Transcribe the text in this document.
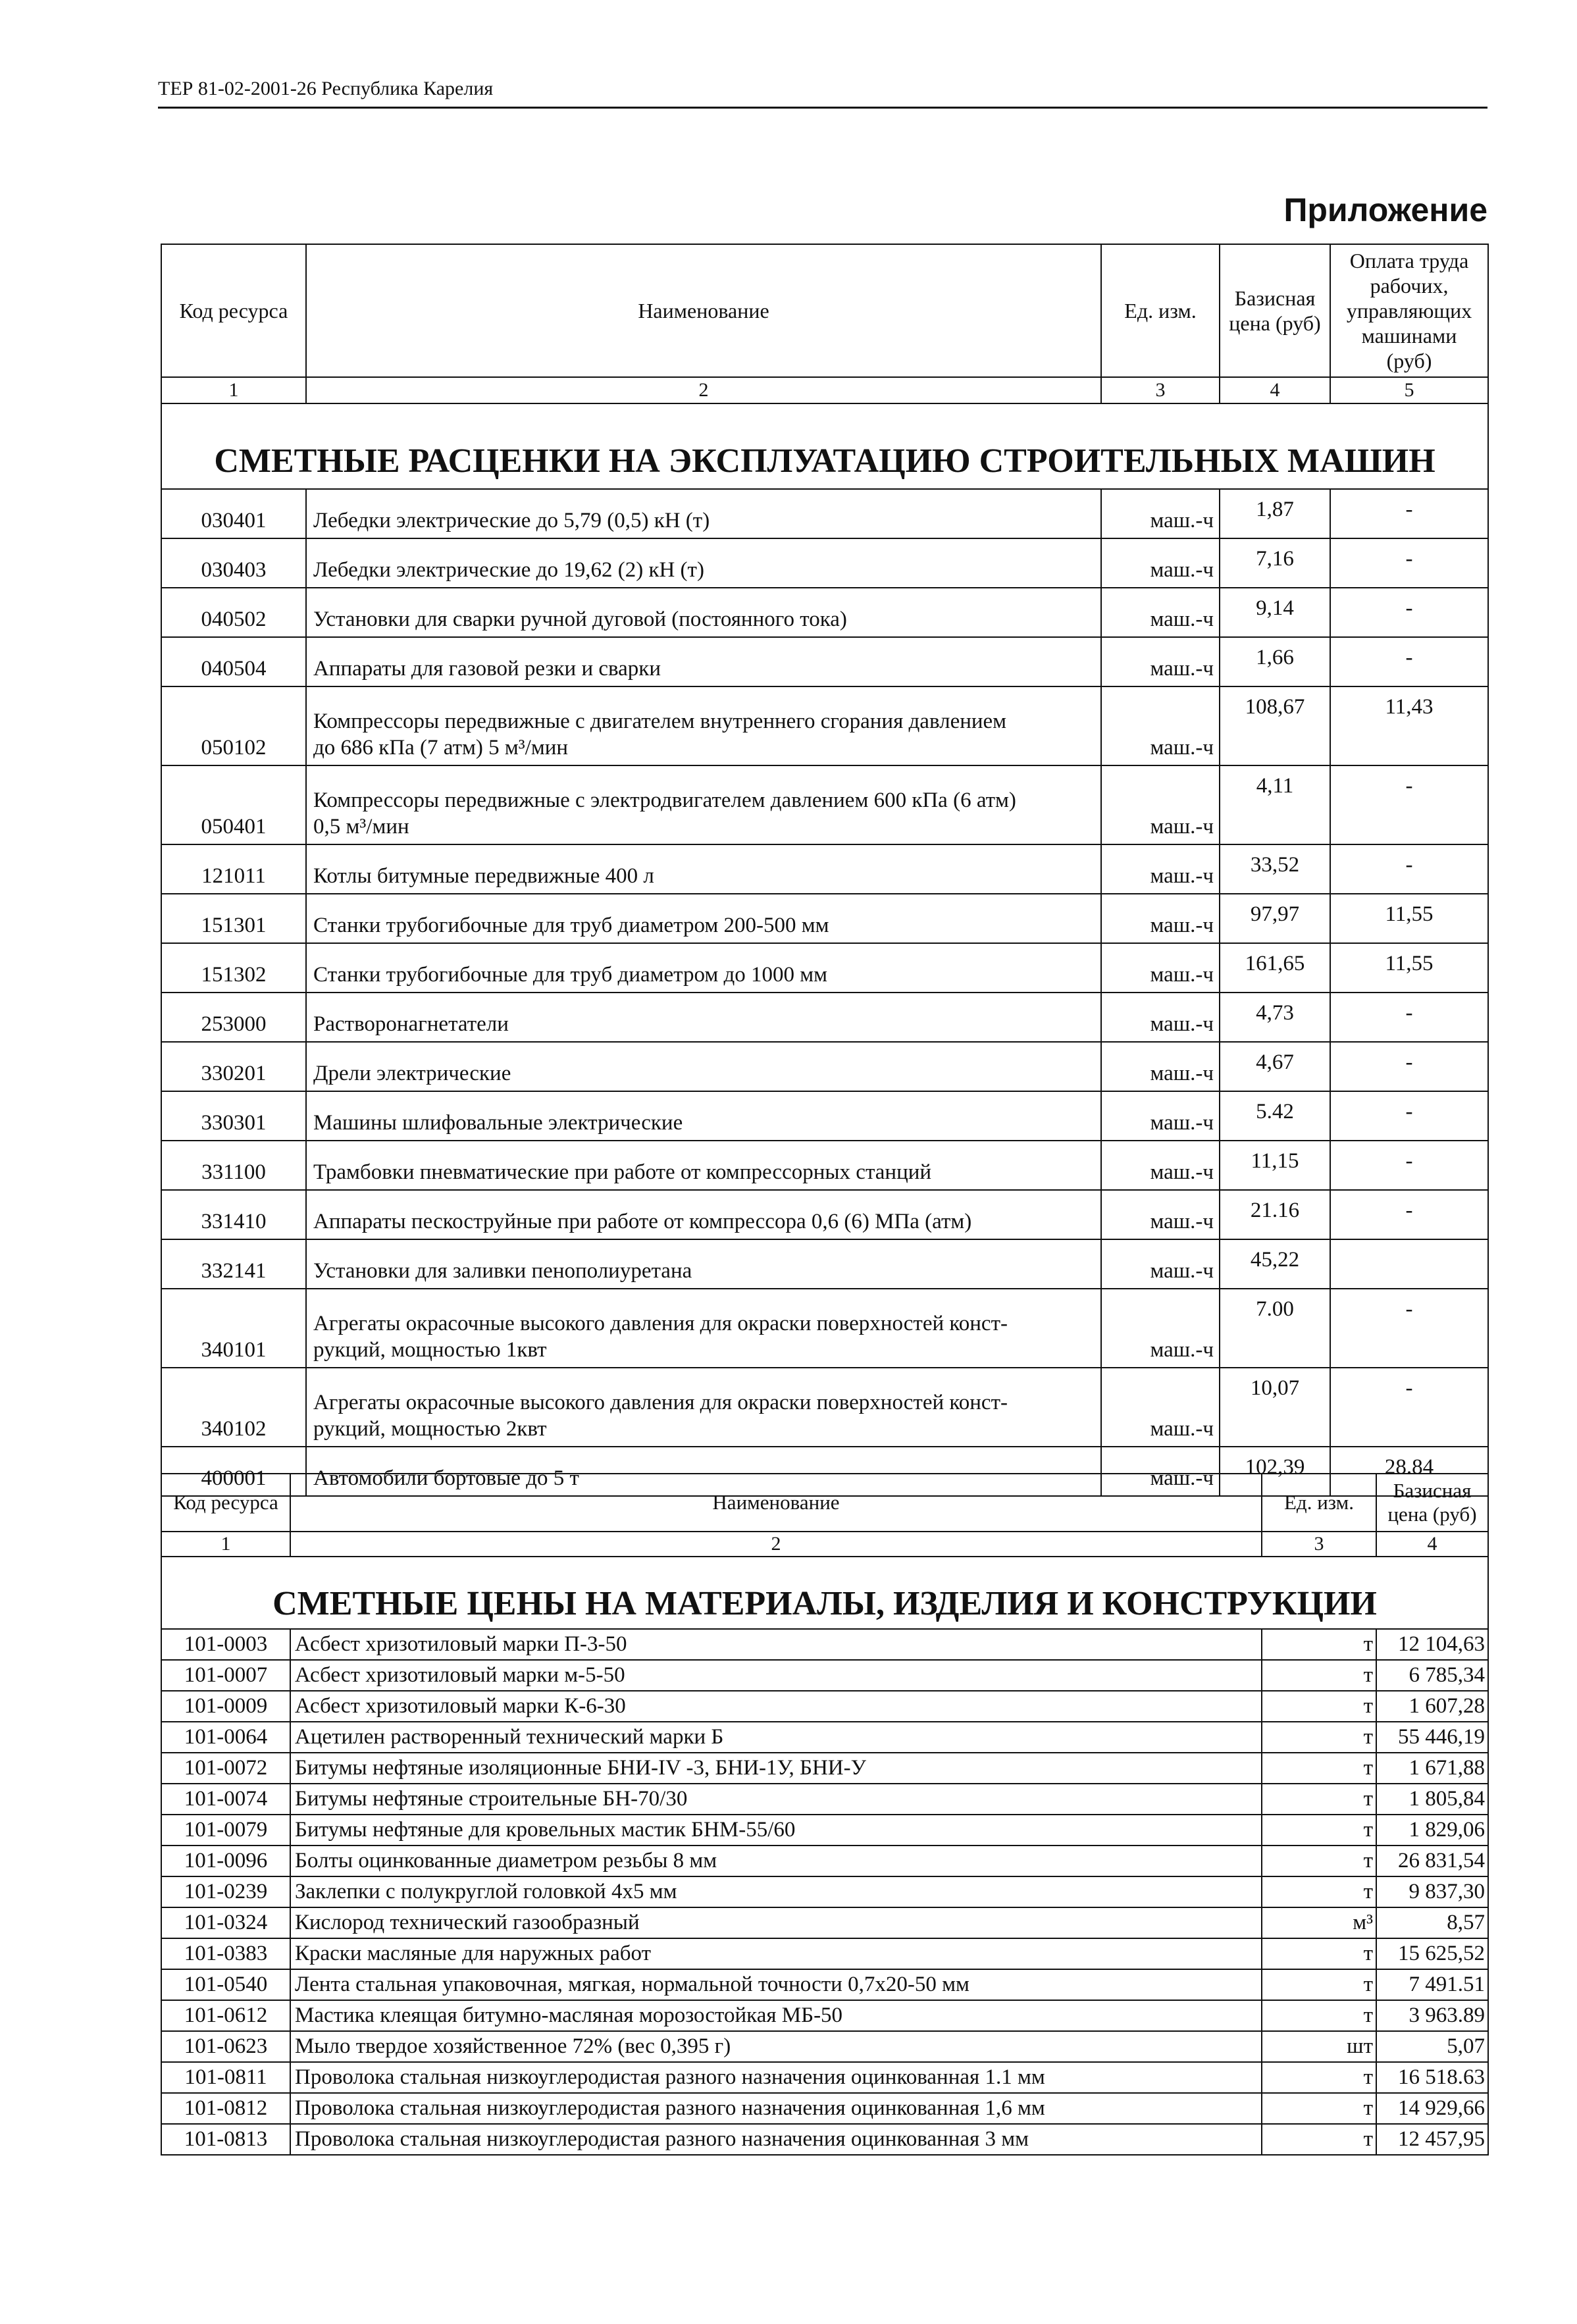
ТЕР 81-02-2001-26 Республика Карелия
Приложение
Код ресурса	Наименование	Ед. изм.	Базисная цена (руб)	Оплата труда рабочих, управляющих машинами (руб)
1	2	3	4	5
СМЕТНЫЕ РАСЦЕНКИ НА ЭКСПЛУАТАЦИЮ СТРОИТЕЛЬНЫХ МАШИН				
030401	Лебедки электрические до 5,79 (0,5) кН (т)	маш.-ч	1,87	-
030403	Лебедки электрические до 19,62 (2) кН (т)	маш.-ч	7,16	-
040502	Установки для сварки ручной дуговой (постоянного тока)	маш.-ч	9,14	-
040504	Аппараты для газовой резки и сварки	маш.-ч	1,66	-
050102	Компрессоры передвижные с двигателем внутреннего сгорания давлением
до 686 кПа (7 атм) 5 м³/мин	маш.-ч	108,67	11,43
050401	Компрессоры передвижные с электродвигателем давлением 600 кПа (6 атм)
0,5 м³/мин	маш.-ч	4,11	-
121011	Котлы битумные передвижные 400 л	маш.-ч	33,52	-
151301	Станки трубогибочные для труб диаметром 200-500 мм	маш.-ч	97,97	11,55
151302	Станки трубогибочные для труб диаметром до 1000 мм	маш.-ч	161,65	11,55
253000	Растворонагнетатели	маш.-ч	4,73	-
330201	Дрели электрические	маш.-ч	4,67	-
330301	Машины шлифовальные электрические	маш.-ч	5.42	-
331100	Трамбовки пневматические при работе от компрессорных станций	маш.-ч	11,15	-
331410	Аппараты пескоструйные при работе от компрессора 0,6 (6) МПа (атм)	маш.-ч	21.16	-
332141	Установки для заливки пенополиуретана	маш.-ч	45,22	
340101	Агрегаты окрасочные высокого давления для окраски поверхностей конст-
рукций, мощностью 1квт	маш.-ч	7.00	-
340102	Агрегаты окрасочные высокого давления для окраски поверхностей конст-
рукций, мощностью 2квт	маш.-ч	10,07	-
400001	Автомобили бортовые до 5 т	маш.-ч	102,39	28.84
Код ресурса	Наименование	Ед. изм.	Базисная цена (руб)
1	2	3	4
СМЕТНЫЕ ЦЕНЫ НА МАТЕРИАЛЫ, ИЗДЕЛИЯ И КОНСТРУКЦИИ			
101-0003	Асбест хризотиловый марки П-3-50	т	12 104,63
101-0007	Асбест хризотиловый марки м-5-50	т	6 785,34
101-0009	Асбест хризотиловый марки К-6-30	т	1 607,28
101-0064	Ацетилен растворенный технический марки Б	т	55 446,19
101-0072	Битумы нефтяные изоляционные БНИ-IV -3, БНИ-1У, БНИ-У	т	1 671,88
101-0074	Битумы нефтяные строительные БН-70/30	т	1 805,84
101-0079	Битумы нефтяные для кровельных мастик БНМ-55/60	т	1 829,06
101-0096	Болты оцинкованные диаметром резьбы 8 мм	т	26 831,54
101-0239	Заклепки с полукруглой головкой 4x5 мм	т	9 837,30
101-0324	Кислород технический газообразный	м³	8,57
101-0383	Краски масляные для наружных работ	т	15 625,52
101-0540	Лента стальная упаковочная, мягкая, нормальной точности 0,7x20-50 мм	т	7 491.51
101-0612	Мастика клеящая битумно-масляная морозостойкая МБ-50	т	3 963.89
101-0623	Мыло твердое хозяйственное 72% (вес 0,395 г)	шт	5,07
101-0811	Проволока стальная низкоуглеродистая разного назначения оцинкованная 1.1 мм	т	16 518.63
101-0812	Проволока стальная низкоуглеродистая разного назначения оцинкованная 1,6 мм	т	14 929,66
101-0813	Проволока стальная низкоуглеродистая разного назначения оцинкованная 3 мм	т	12 457,95
